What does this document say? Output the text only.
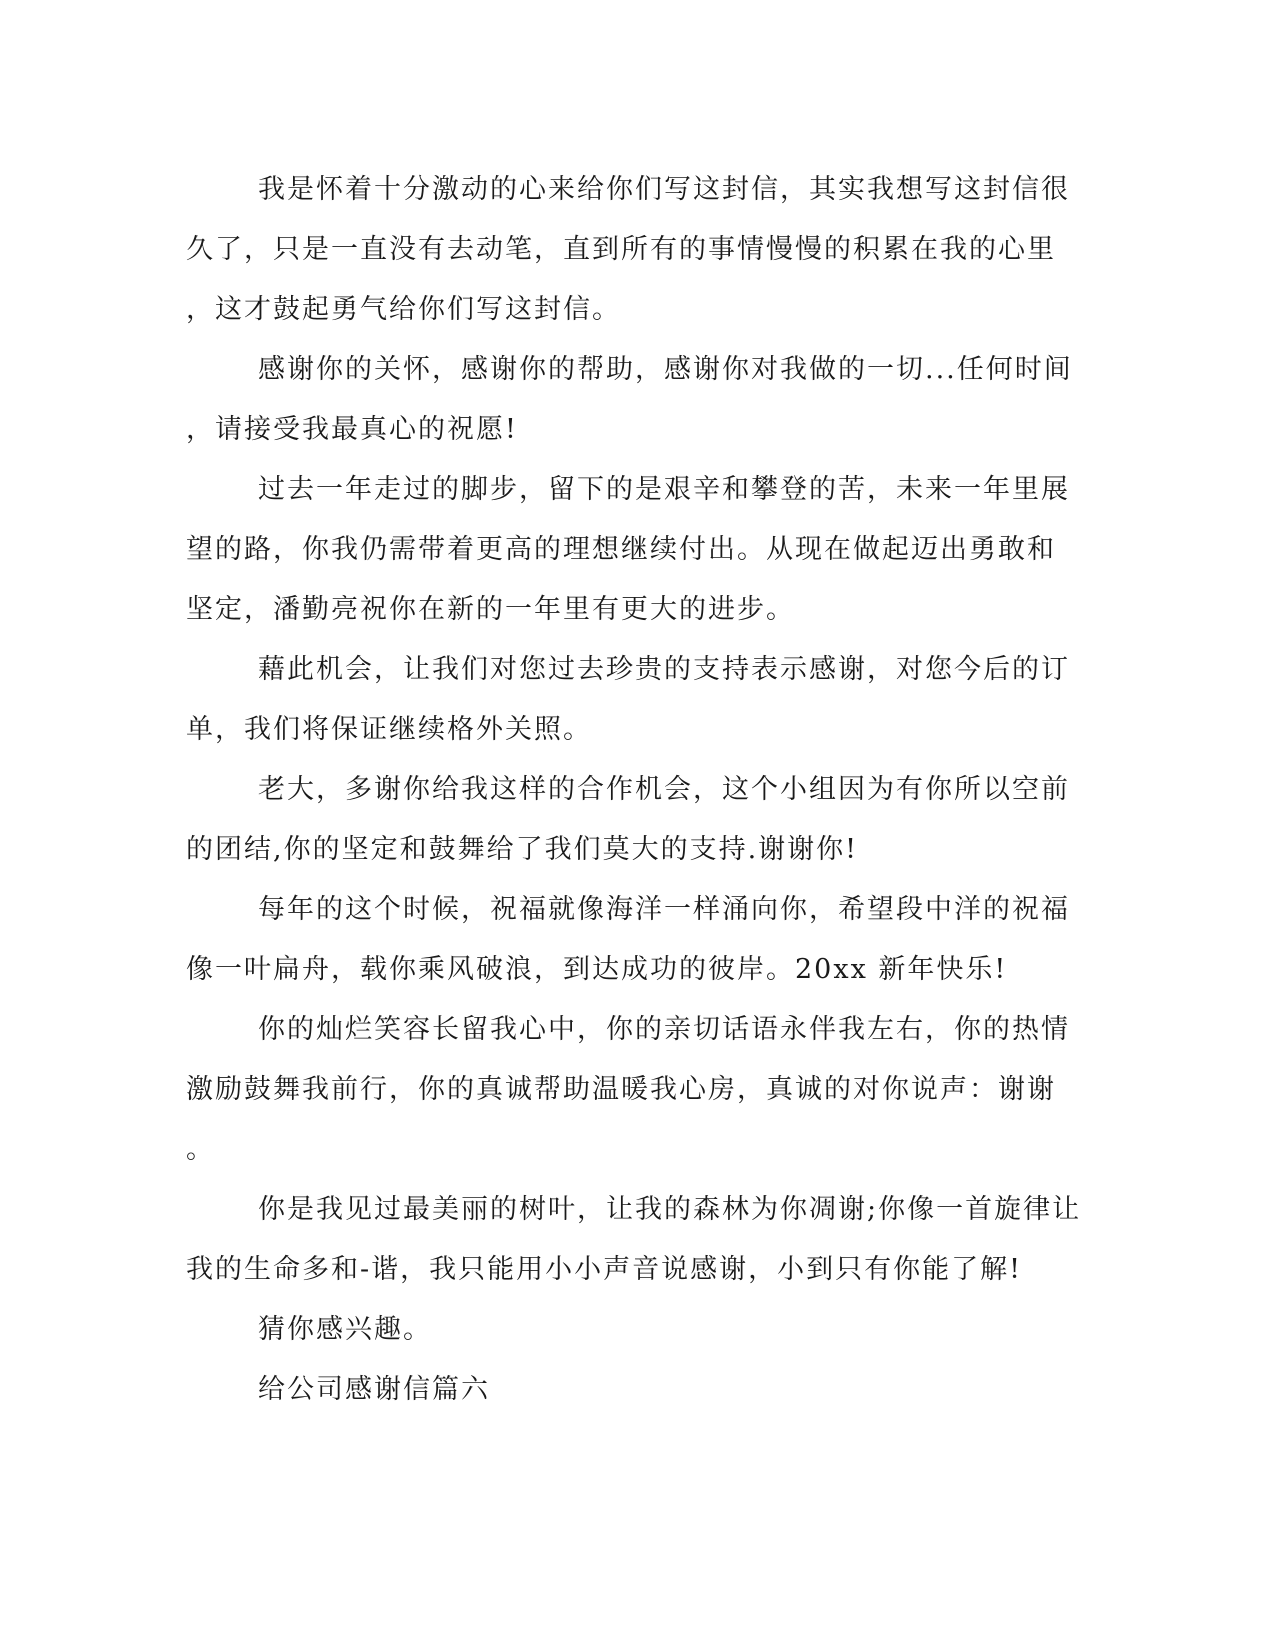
我是怀着十分激动的心来给你们写这封信，其实我想写这封信很
久了，只是一直没有去动笔，直到所有的事情慢慢的积累在我的心里
，这才鼓起勇气给你们写这封信。
感谢你的关怀，感谢你的帮助，感谢你对我做的一切...任何时间
，请接受我最真心的祝愿!
过去一年走过的脚步，留下的是艰辛和攀登的苦，未来一年里展
望的路，你我仍需带着更高的理想继续付出。从现在做起迈出勇敢和
坚定，潘勤亮祝你在新的一年里有更大的进步。
藉此机会，让我们对您过去珍贵的支持表示感谢，对您今后的订
单，我们将保证继续格外关照。
老大，多谢你给我这样的合作机会，这个小组因为有你所以空前
的团结,你的坚定和鼓舞给了我们莫大的支持.谢谢你!
每年的这个时候，祝福就像海洋一样涌向你，希望段中洋的祝福
像一叶扁舟，载你乘风破浪，到达成功的彼岸。20xx 新年快乐!
你的灿烂笑容长留我心中，你的亲切话语永伴我左右，你的热情
激励鼓舞我前行，你的真诚帮助温暖我心房，真诚的对你说声：谢谢
。
你是我见过最美丽的树叶，让我的森林为你凋谢;你像一首旋律让
我的生命多和-谐，我只能用小小声音说感谢，小到只有你能了解!
猜你感兴趣。
给公司感谢信篇六
